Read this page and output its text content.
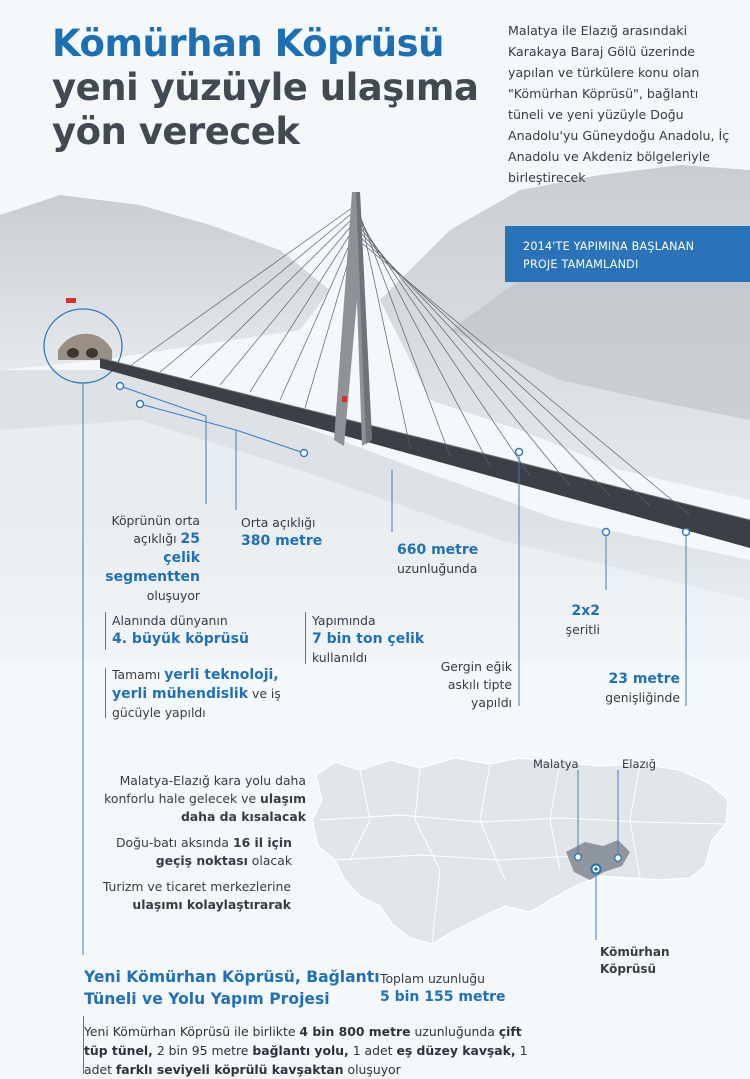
Kömürhan Köprüsü
yeni yüzüyle ulaşıma
yön verecek
Malatya ile Elazığ arasındaki Karakaya Baraj Gölü üzerinde yapılan ve türkülere konu olan "Kömürhan Köprüsü", bağlantı tüneli ve yeni yüzüyle Doğu Anadolu'yu Güneydoğu Anadolu, İç Anadolu ve Akdeniz bölgeleriyle birleştirecek
2014'TE YAPIMINA BAŞLANAN
PROJE TAMAMLANDI
Köprünün orta
açıklığı 25 çelik
segmentten
oluşuyor
Orta açıklığı
380 metre
660 metre
uzunluğunda
2x2
şeritli
Alanında dünyanın
4. büyük köprüsü
Yapımında
7 bin ton çelik
kullanıldı
Gergin eğik
askılı tipte
yapıldı
23 metre
genişliğinde
Tamamı yerli teknoloji,
yerli mühendislik ve iş
gücüyle yapıldı
Malatya-Elazığ kara yolu daha
konforlu hale gelecek ve ulaşım
daha da kısalacak
Doğu-batı aksında 16 il için
geçiş noktası olacak
Turizm ve ticaret merkezlerine
ulaşımı kolaylaştırarak
Malatya	Elazığ
Kömürhan
Köprüsü
Yeni Kömürhan Köprüsü, Bağlantı
Tüneli ve Yolu Yapım Projesi
Toplam uzunluğu
5 bin 155 metre
Yeni Kömürhan Köprüsü ile birlikte 4 bin 800 metre uzunluğunda çift tüp tünel, 2 bin 95 metre bağlantı yolu, 1 adet eş düzey kavşak, 1 adet farklı seviyeli köprülü kavşaktan oluşuyor
